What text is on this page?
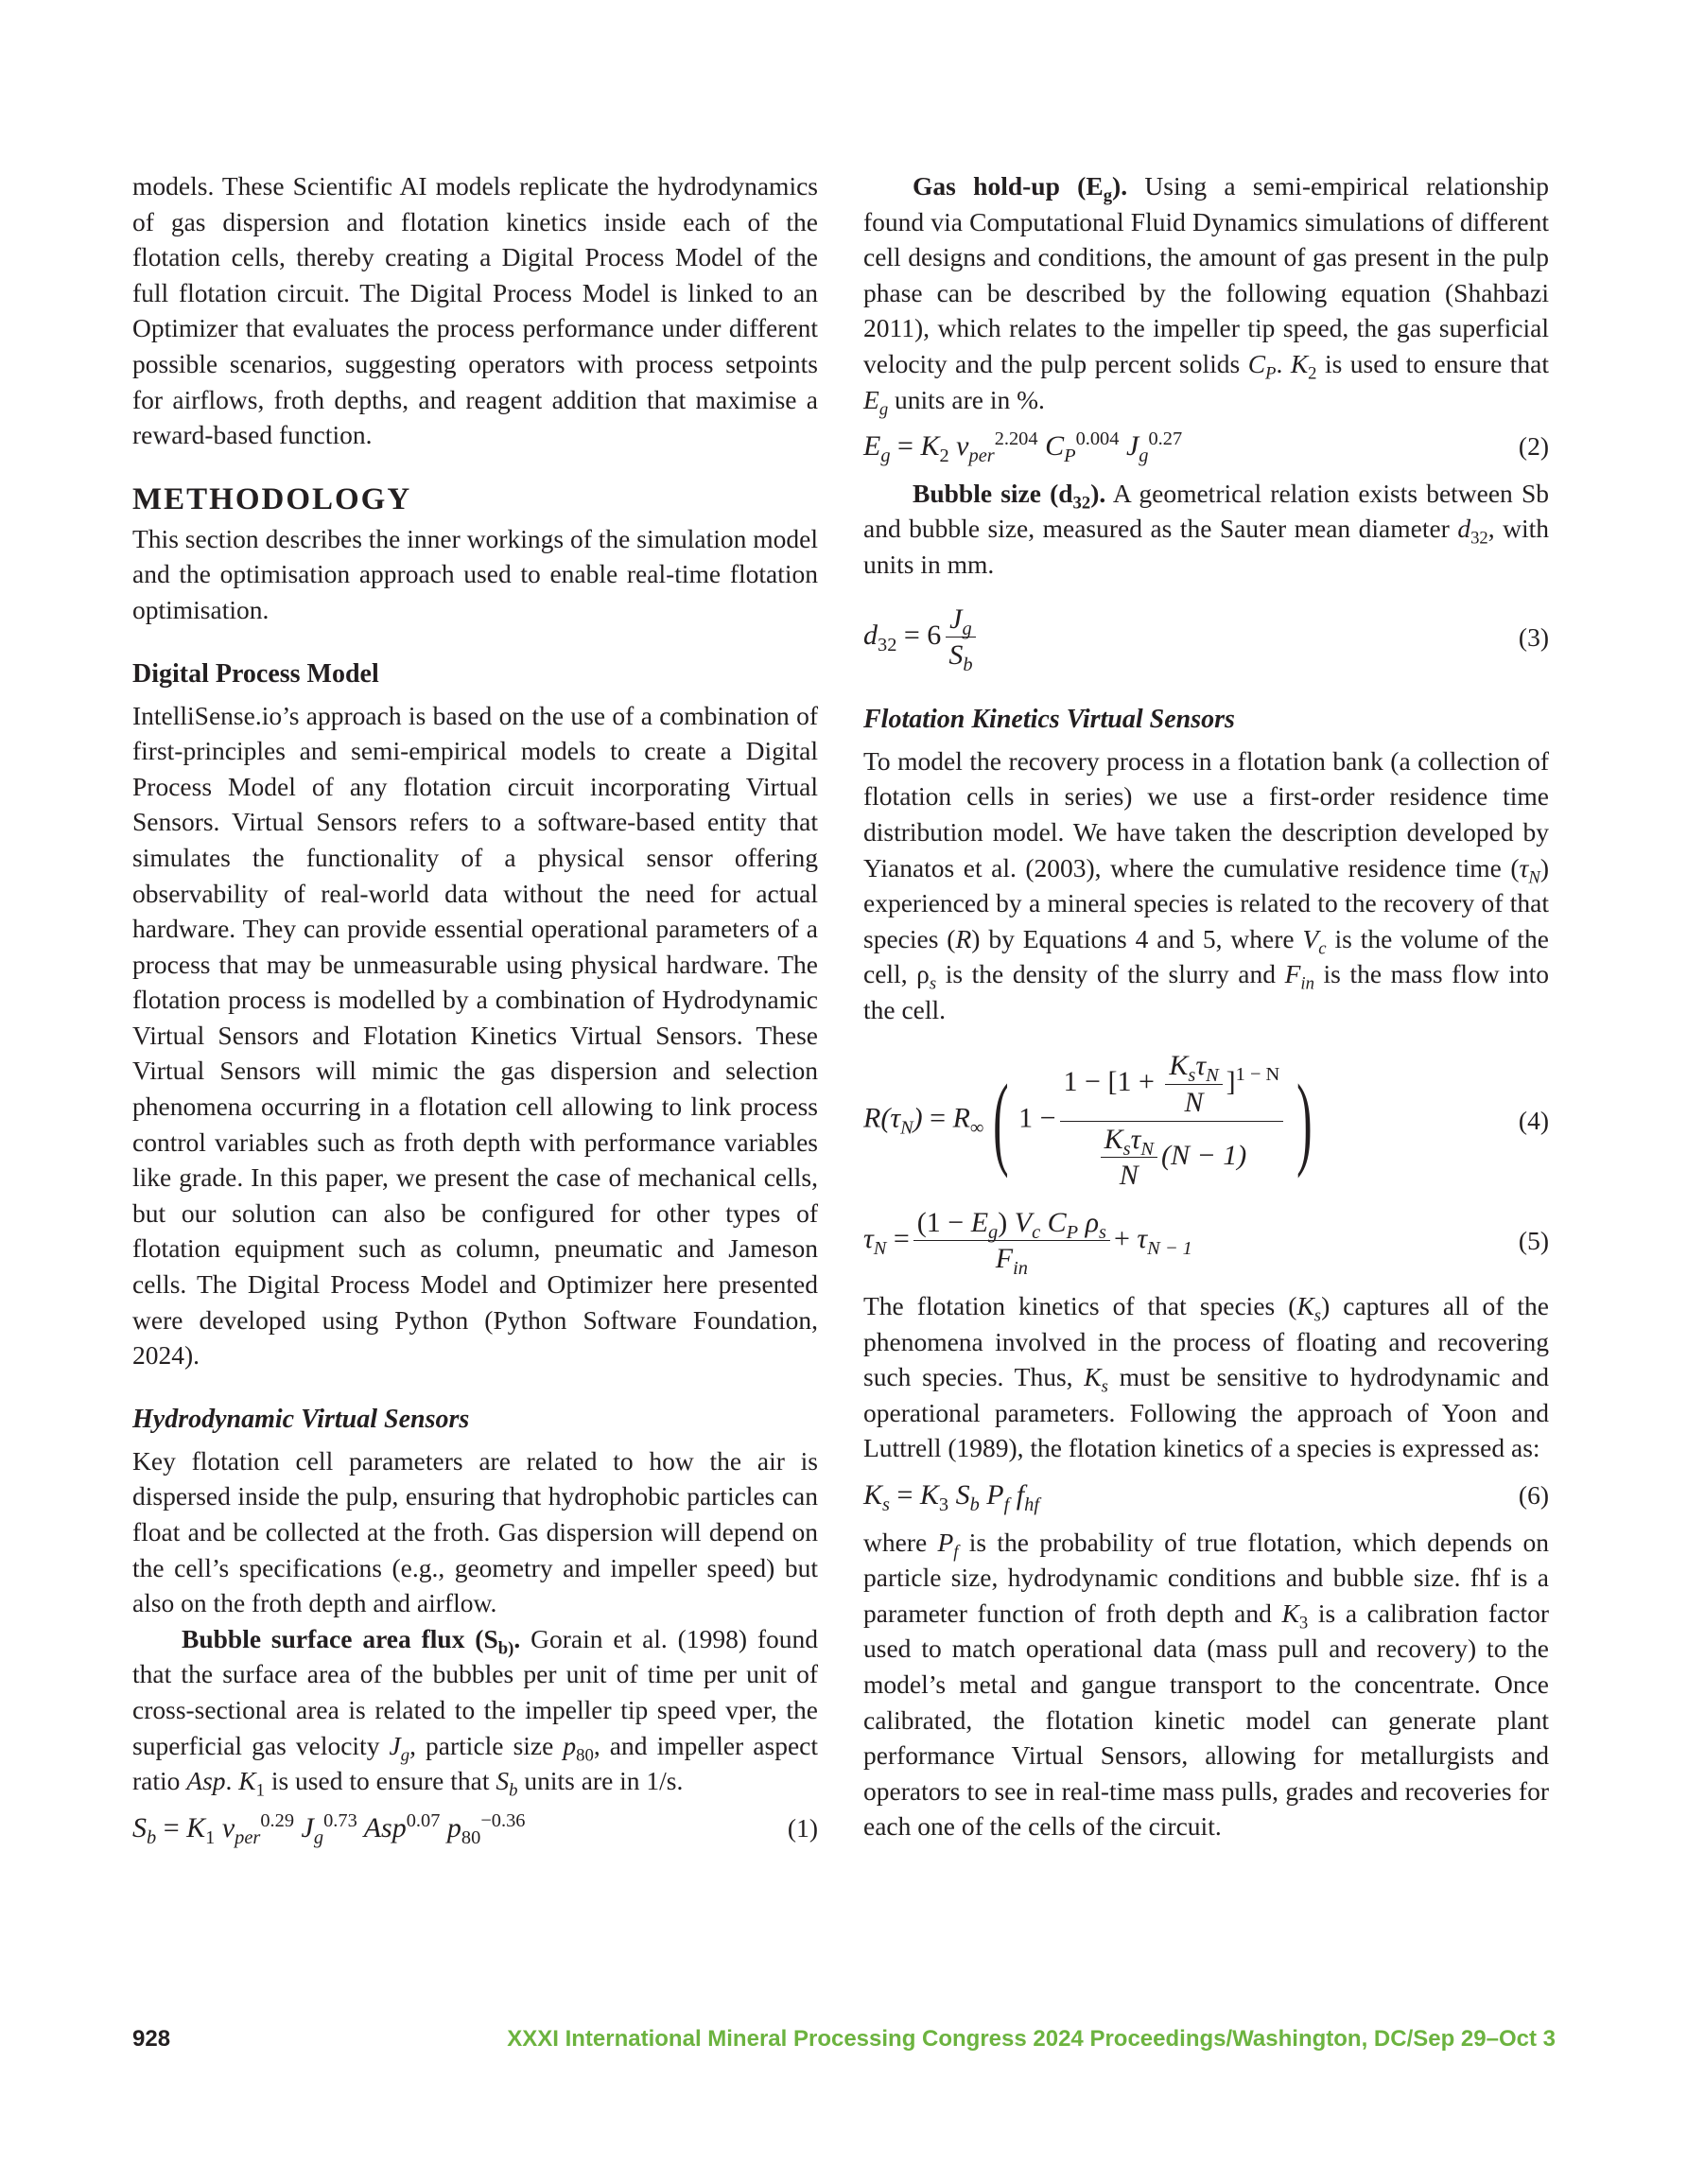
models. These Scientific AI models replicate the hydrodynamics of gas dispersion and flotation kinetics inside each of the flotation cells, thereby creating a Digital Process Model of the full flotation circuit. The Digital Process Model is linked to an Optimizer that evaluates the process performance under different possible scenarios, suggesting operators with process setpoints for airflows, froth depths, and reagent addition that maximise a reward-based function.

METHODOLOGY

This section describes the inner workings of the simulation model and the optimisation approach used to enable real-time flotation optimisation.

Digital Process Model

IntelliSense.io’s approach is based on the use of a combination of first-principles and semi-empirical models to create a Digital Process Model of any flotation circuit incorporating Virtual Sensors. Virtual Sensors refers to a software-based entity that simulates the functionality of a physical sensor offering observability of real-world data without the need for actual hardware. They can provide essential operational parameters of a process that may be unmeasurable using physical hardware. The flotation process is modelled by a combination of Hydrodynamic Virtual Sensors and Flotation Kinetics Virtual Sensors. These Virtual Sensors will mimic the gas dispersion and selection phenomena occurring in a flotation cell allowing to link process control variables such as froth depth with performance variables like grade. In this paper, we present the case of mechanical cells, but our solution can also be configured for other types of flotation equipment such as column, pneumatic and Jameson cells. The Digital Process Model and Optimizer here presented were developed using Python (Python Software Foundation, 2024).

Hydrodynamic Virtual Sensors

Key flotation cell parameters are related to how the air is dispersed inside the pulp, ensuring that hydrophobic particles can float and be collected at the froth. Gas dispersion will depend on the cell’s specifications (e.g., geometry and impeller speed) but also on the froth depth and airflow.

Bubble surface area flux ($S_{b)}$. Gorain et al. (1998) found that the surface area of the bubbles per unit of time per unit of cross-sectional area is related to the impeller tip speed vper, the superficial gas velocity $J_g$, particle size $p_{80}$, and impeller aspect ratio Asp. $K_1$ is used to ensure that $S_b$ units are in 1/s.

$S_b = K_1$ $v_{per}^{0.29}$ $J_g^{0.73}$ Asp$^{0.07}$ $p_{80}^{-0.36}$	(1)

Gas hold-up $(E_g)$. Using a semi-empirical relationship found via Computational Fluid Dynamics simulations of different cell designs and conditions, the amount of gas present in the pulp phase can be described by the following equation (Shahbazi 2011), which relates to the impeller tip speed, the gas superficial velocity and the pulp percent solids $C_P$. $K_2$ is used to ensure that $E_g$ units are in %.

$E_g = K_2$ $v_{per}^{2.204}$ $C_P^{0.004}$ $J_g^{0.27}$	(2)

Bubble size $(d_{32})$. A geometrical relation exists between Sb and bubble size, measured as the Sauter mean diameter $d_{32}$, with units in mm.

$d_{32} = 6 \frac{J_g}{S_b}$	(3)
Flotation Kinetics Virtual Sensors

To model the recovery process in a flotation bank (a collection of flotation cells in series) we use a first-order residence time distribution model. We have taken the description developed by Yianatos et al. (2003), where the cumulative residence time $(\tau_N)$ experienced by a mineral species is related to the recovery of that species (R) by Equations 4 and 5, where $V_c$ is the volume of the cell, $\rho_s$ is the density of the slurry and $F_{in}$ is the mass flow into the cell.

$R(\tau_N) = R_\infty$( $1 - \frac{1 - [1 + \frac{K_s\tau_N}{N} ]^{1 - N}}{\frac{K_s\tau_N}{N} (N - 1)}$ )	(4)
$\tau_N = \frac{(1 - E_g) V_c C_P \rho_s}{F_{in}} + \tau_{N - 1}$	(5)

The flotation kinetics of that species $(K_s)$ captures all of the phenomena involved in the process of floating and recovering such species. Thus, $K_s$ must be sensitive to hydrodynamic and operational parameters. Following the approach of Yoon and Luttrell (1989), the flotation kinetics of a species is expressed as:

$K_s = K_3$ $S_b$ $P_f$ $f_{hf}$	(6)

where $P_f$ is the probability of true flotation, which depends on particle size, hydrodynamic conditions and bubble size. fhf is a parameter function of froth depth and $K_3$ is a calibration factor used to match operational data (mass pull and recovery) to the model’s metal and gangue transport to the concentrate. Once calibrated, the flotation kinetic model can generate plant performance Virtual Sensors, allowing for metallurgists and operators to see in real-time mass pulls, grades and recoveries for each one of the cells of the circuit.

928	XXXI International Mineral Processing Congress 2024 Proceedings/Washington, DC/Sep 29–Oct 3
